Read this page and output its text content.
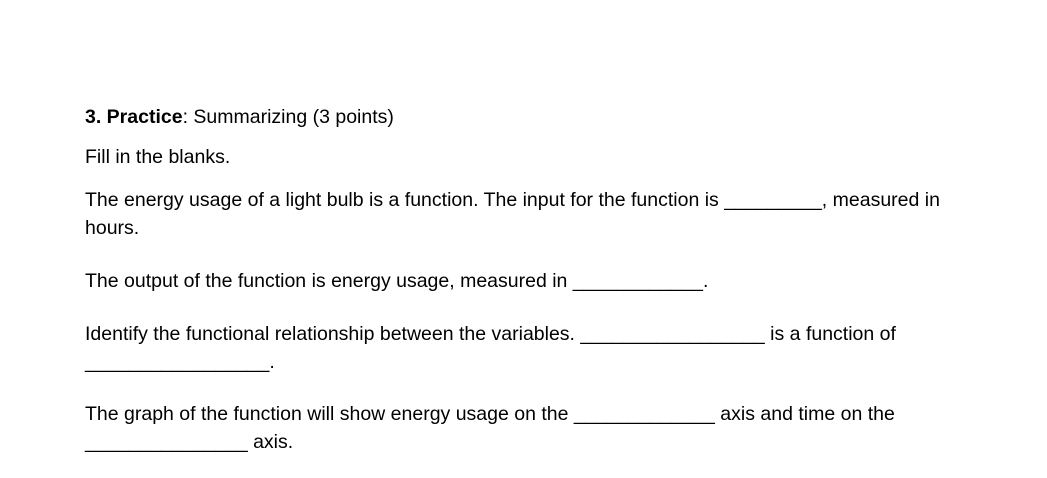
3. Practice: Summarizing (3 points)

Fill in the blanks.

The energy usage of a light bulb is a function. The input for the function is _________, measured in

hours.

The output of the function is energy usage, measured in ____________.

Identify the functional relationship between the variables. _________________ is a function of

_________________.

The graph of the function will show energy usage on the _____________ axis and time on the

_______________ axis.
